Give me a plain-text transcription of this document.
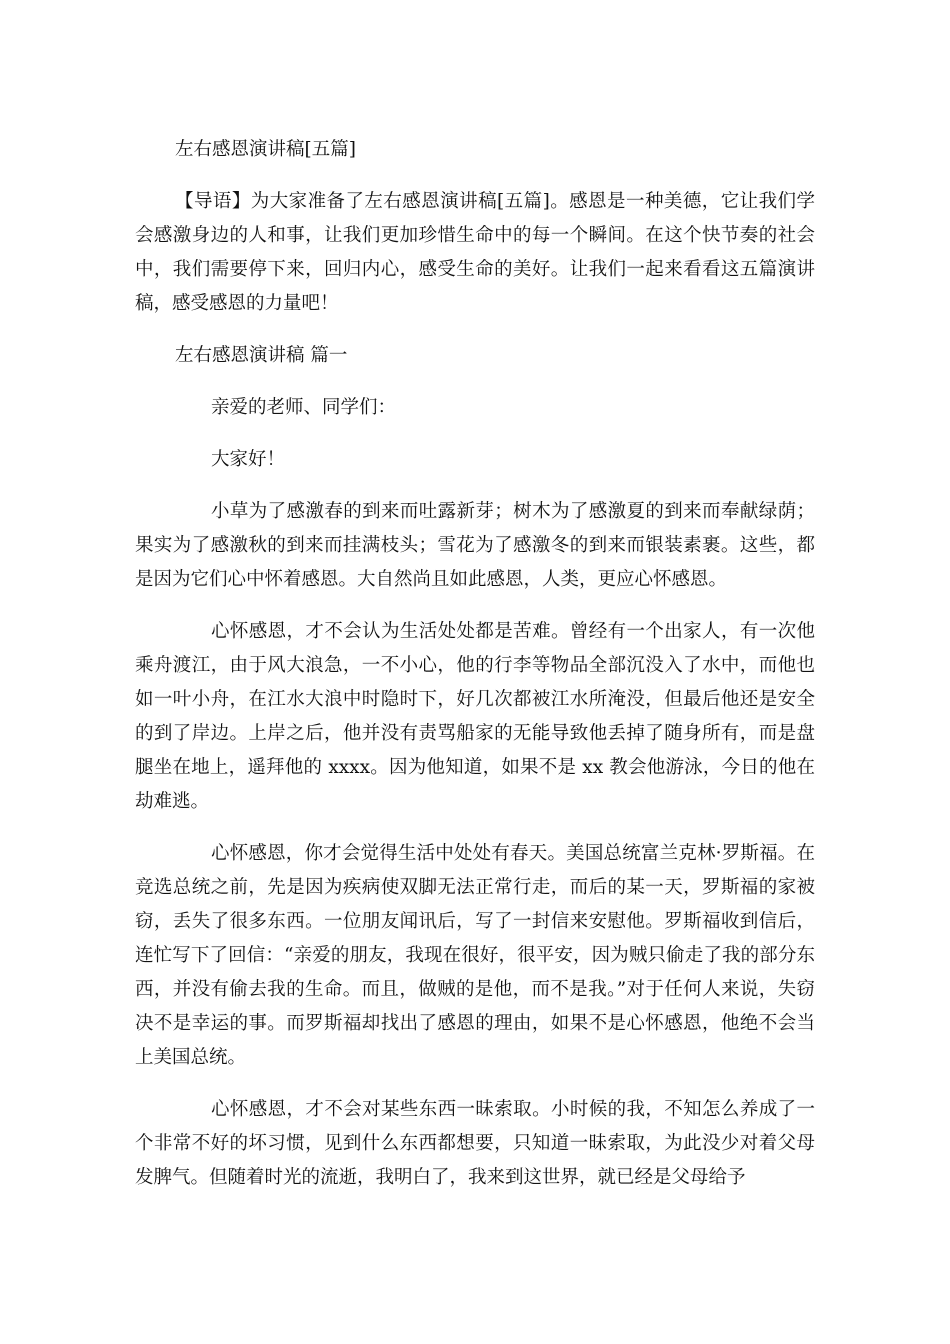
左右感恩演讲稿[五篇]

【导语】为大家准备了左右感恩演讲稿[五篇]。感恩是一种美德，它让我们学会感激身边的人和事，让我们更加珍惜生命中的每一个瞬间。在这个快节奏的社会中，我们需要停下来，回归内心，感受生命的美好。让我们一起来看看这五篇演讲稿，感受感恩的力量吧！

左右感恩演讲稿 篇一
亲爱的老师、同学们：
大家好！

小草为了感激春的到来而吐露新芽；树木为了感激夏的到来而奉献绿荫；果实为了感激秋的到来而挂满枝头；雪花为了感激冬的到来而银装素裹。这些，都是因为它们心中怀着感恩。大自然尚且如此感恩，人类，更应心怀感恩。

心怀感恩，才不会认为生活处处都是苦难。曾经有一个出家人，有一次他乘舟渡江，由于风大浪急，一不小心，他的行李等物品全部沉没入了水中，而他也如一叶小舟，在江水大浪中时隐时下，好几次都被江水所淹没，但最后他还是安全的到了岸边。上岸之后，他并没有责骂船家的无能导致他丢掉了随身所有，而是盘腿坐在地上，遥拜他的 xxxx。因为他知道，如果不是 xx 教会他游泳，今日的他在劫难逃。

心怀感恩，你才会觉得生活中处处有春天。美国总统富兰克林·罗斯福。在竞选总统之前，先是因为疾病使双脚无法正常行走，而后的某一天，罗斯福的家被窃，丢失了很多东西。一位朋友闻讯后，写了一封信来安慰他。罗斯福收到信后，连忙写下了回信：“亲爱的朋友，我现在很好，很平安，因为贼只偷走了我的部分东西，并没有偷去我的生命。而且，做贼的是他，而不是我。”对于任何人来说，失窃决不是幸运的事。而罗斯福却找出了感恩的理由，如果不是心怀感恩，他绝不会当上美国总统。

心怀感恩，才不会对某些东西一昧索取。小时候的我，不知怎么养成了一个非常不好的坏习惯，见到什么东西都想要，只知道一昧索取，为此没少对着父母发脾气。但随着时光的流逝，我明白了，我来到这世界，就已经是父母给予
